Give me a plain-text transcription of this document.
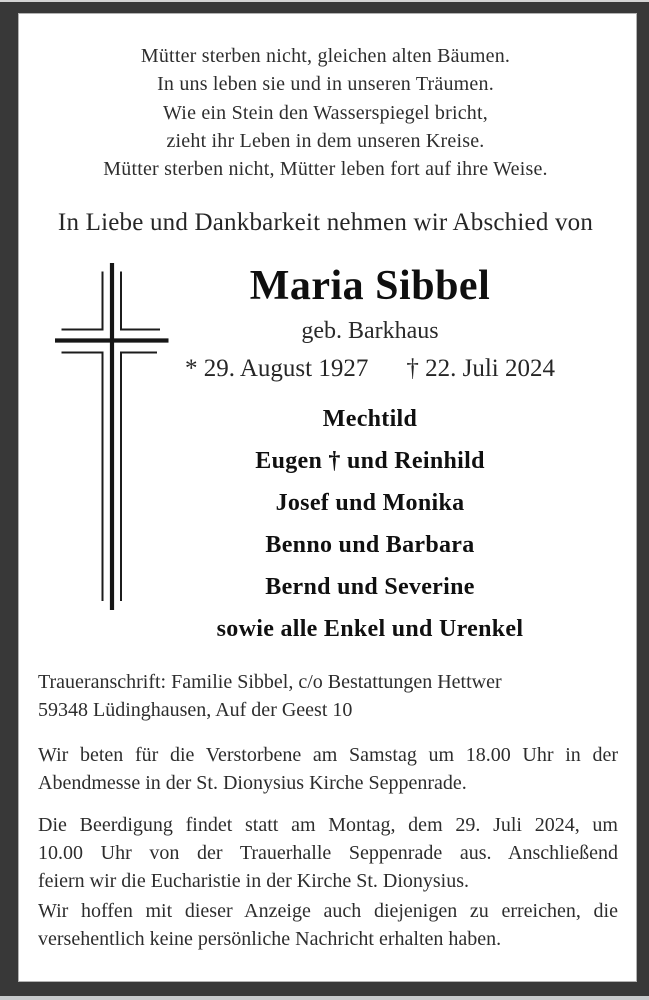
Mütter sterben nicht, gleichen alten Bäumen.
In uns leben sie und in unseren Träumen.
Wie ein Stein den Wasserspiegel bricht,
zieht ihr Leben in dem unseren Kreise.
Mütter sterben nicht, Mütter leben fort auf ihre Weise.
In Liebe und Dankbarkeit nehmen wir Abschied von
Maria Sibbel
geb. Barkhaus
* 29. August 1927 † 22. Juli 2024
Mechtild
Eugen † und Reinhild
Josef und Monika
Benno und Barbara
Bernd und Severine
sowie alle Enkel und Urenkel
Traueranschrift: Familie Sibbel, c/o Bestattungen Hettwer
59348 Lüdinghausen, Auf der Geest 10
Wir beten für die Verstorbene am Samstag um 18.00 Uhr in der
Abendmesse in der St. Dionysius Kirche Seppenrade.
Die Beerdigung findet statt am Montag, dem 29. Juli 2024, um
10.00 Uhr von der Trauerhalle Seppenrade aus. Anschließend
feiern wir die Eucharistie in der Kirche St. Dionysius.
Wir hoffen mit dieser Anzeige auch diejenigen zu erreichen, die
versehentlich keine persönliche Nachricht erhalten haben.
